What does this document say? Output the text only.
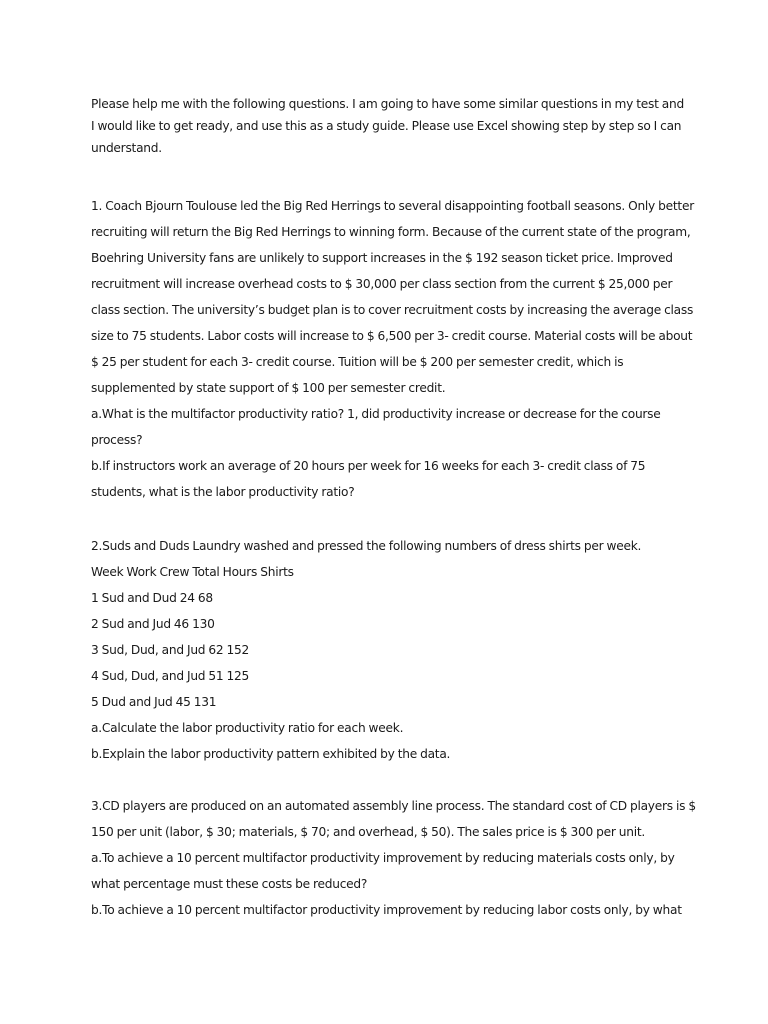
Please help me with the following questions. I am going to have some similar questions in my test and I would like to get ready, and use this as a study guide. Please use Excel showing step by step so I can understand.
1. Coach Bjourn Toulouse led the Big Red Herrings to several disappointing football seasons. Only better
recruiting will return the Big Red Herrings to winning form. Because of the current state of the program,
Boehring University fans are unlikely to support increases in the $ 192 season ticket price. Improved
recruitment will increase overhead costs to $ 30,000 per class section from the current $ 25,000 per
class section. The university’s budget plan is to cover recruitment costs by increasing the average class
size to 75 students. Labor costs will increase to $ 6,500 per 3- credit course. Material costs will be about
$ 25 per student for each 3- credit course. Tuition will be $ 200 per semester credit, which is
supplemented by state support of $ 100 per semester credit.
a.What is the multifactor productivity ratio? 1, did productivity increase or decrease for the course
process?
b.If instructors work an average of 20 hours per week for 16 weeks for each 3- credit class of 75
students, what is the labor productivity ratio?
2.Suds and Duds Laundry washed and pressed the following numbers of dress shirts per week.
Week Work Crew Total Hours Shirts
1 Sud and Dud 24 68
2 Sud and Jud 46 130
3 Sud, Dud, and Jud 62 152
4 Sud, Dud, and Jud 51 125
5 Dud and Jud 45 131
a.Calculate the labor productivity ratio for each week.
b.Explain the labor productivity pattern exhibited by the data.
3.CD players are produced on an automated assembly line process. The standard cost of CD players is $
150 per unit (labor, $ 30; materials, $ 70; and overhead, $ 50). The sales price is $ 300 per unit.
a.To achieve a 10 percent multifactor productivity improvement by reducing materials costs only, by
what percentage must these costs be reduced?
b.To achieve a 10 percent multifactor productivity improvement by reducing labor costs only, by what
